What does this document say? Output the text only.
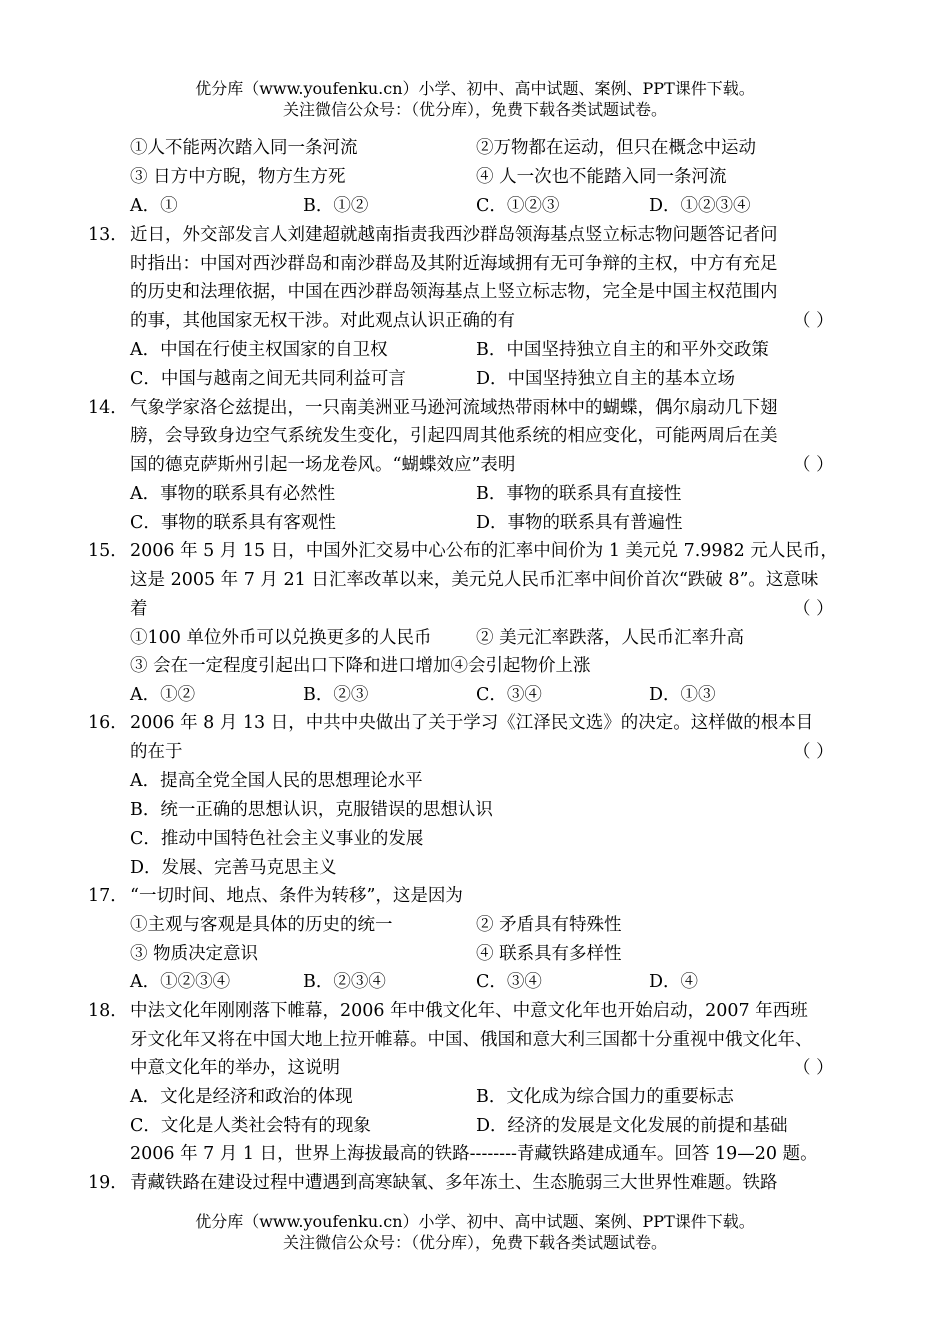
优分库（www.youfenku.cn）小学、初中、高中试题、案例、PPT课件下载。
关注微信公众号：（优分库），免费下载各类试题试卷。
①人不能两次踏入同一条河流	②万物都在运动，但只在概念中运动
③ 日方中方睨，物方生方死	④ 人一次也不能踏入同一条河流
A．①	B．①②	C．①②③	D．①②③④
13． 近日，外交部发言人刘建超就越南指责我西沙群岛领海基点竖立标志物问题答记者问
时指出：中国对西沙群岛和南沙群岛及其附近海域拥有无可争辩的主权，中方有充足
的历史和法理依据，中国在西沙群岛领海基点上竖立标志物，完全是中国主权范围内
的事，其他国家无权干涉。对此观点认识正确的有	（ ）
A．中国在行使主权国家的自卫权	B．中国坚持独立自主的和平外交政策
C．中国与越南之间无共同利益可言	D．中国坚持独立自主的基本立场
14． 气象学家洛仑兹提出，一只南美洲亚马逊河流域热带雨林中的蝴蝶，偶尔扇动几下翅
膀，会导致身边空气系统发生变化，引起四周其他系统的相应变化，可能两周后在美
国的德克萨斯州引起一场龙卷风。“蝴蝶效应”表明	（ ）
A．事物的联系具有必然性	B．事物的联系具有直接性
C．事物的联系具有客观性	D．事物的联系具有普遍性
15． 2006 年 5 月 15 日，中国外汇交易中心公布的汇率中间价为 1 美元兑 7.9982 元人民币，
这是 2005 年 7 月 21 日汇率改革以来，美元兑人民币汇率中间价首次“跌破 8”。这意味
着	（ ）
①100 单位外币可以兑换更多的人民币	② 美元汇率跌落，人民币汇率升高
③ 会在一定程度引起出口下降和进口增加④会引起物价上涨
A．①②	B．②③	C．③④	D．①③
16． 2006 年 8 月 13 日，中共中央做出了关于学习《江泽民文选》的决定。这样做的根本目
的在于	（ ）
A．提高全党全国人民的思想理论水平
B．统一正确的思想认识，克服错误的思想认识
C．推动中国特色社会主义事业的发展
D．发展、完善马克思主义
17． “一切时间、地点、条件为转移”，这是因为
①主观与客观是具体的历史的统一	② 矛盾具有特殊性
③ 物质决定意识	④ 联系具有多样性
A．①②③④	B．②③④	C．③④	D．④
18． 中法文化年刚刚落下帷幕，2006 年中俄文化年、中意文化年也开始启动，2007 年西班
牙文化年又将在中国大地上拉开帷幕。中国、俄国和意大利三国都十分重视中俄文化年、
中意文化年的举办，这说明	（ ）
A．文化是经济和政治的体现	B．文化成为综合国力的重要标志
C．文化是人类社会特有的现象	D．经济的发展是文化发展的前提和基础
2006 年 7 月 1 日，世界上海拔最高的铁路--------青藏铁路建成通车。回答 19—20 题。
19． 青藏铁路在建设过程中遭遇到高寒缺氧、多年冻土、生态脆弱三大世界性难题。铁路
优分库（www.youfenku.cn）小学、初中、高中试题、案例、PPT课件下载。
关注微信公众号：（优分库），免费下载各类试题试卷。
